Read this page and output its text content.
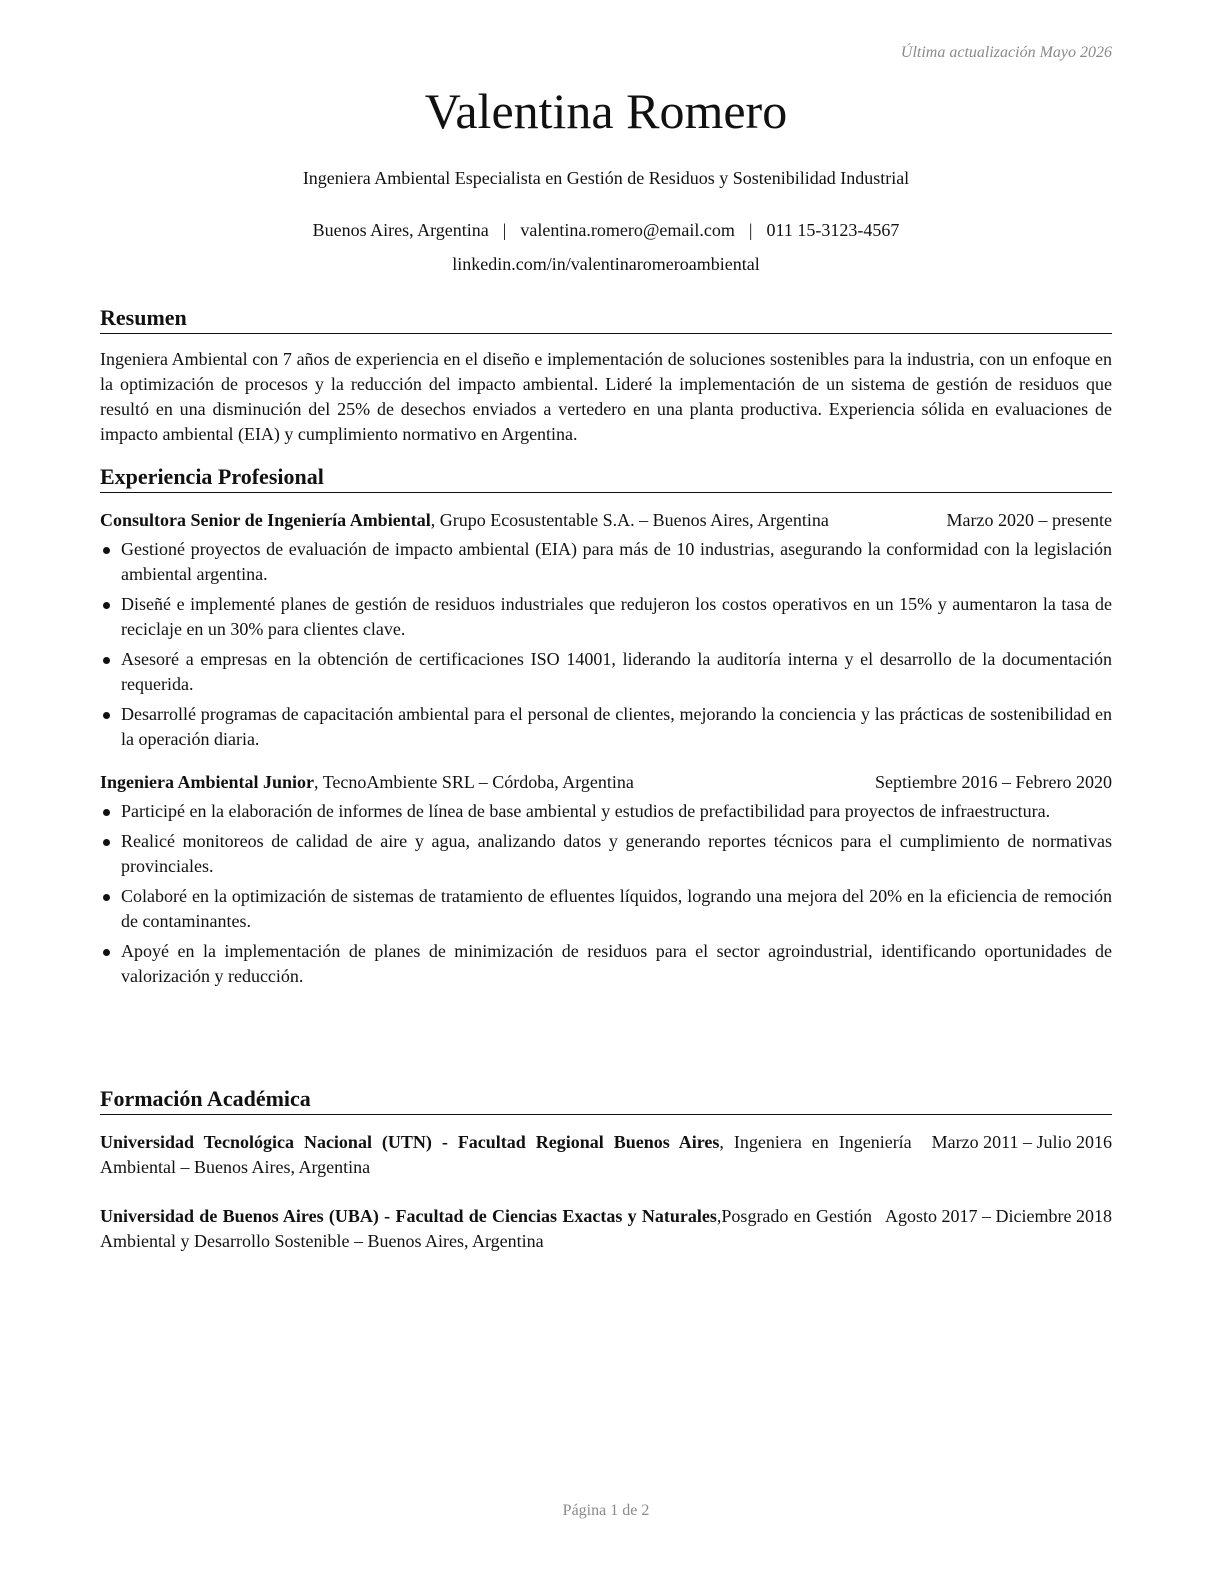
Última actualización Mayo 2026
Valentina Romero
Ingeniera Ambiental Especialista en Gestión de Residuos y Sostenibilidad Industrial
Buenos Aires, Argentina | valentina.romero@email.com | 011 15-3123-4567
linkedin.com/in/valentinaromeroambiental
Resumen
Ingeniera Ambiental con 7 años de experiencia en el diseño e implementación de soluciones sostenibles para la industria, con un enfoque en la optimización de procesos y la reducción del impacto ambiental. Lideré la implementación de un sistema de gestión de residuos que resultó en una disminución del 25% de desechos enviados a vertedero en una planta productiva. Experiencia sólida en evaluaciones de impacto ambiental (EIA) y cumplimiento normativo en Argentina.
Experiencia Profesional
Consultora Senior de Ingeniería Ambiental, Grupo Ecosustentable S.A. – Buenos Aires, Argentina	Marzo 2020 – presente
Gestioné proyectos de evaluación de impacto ambiental (EIA) para más de 10 industrias, asegurando la conformidad con la legislación ambiental argentina.
Diseñé e implementé planes de gestión de residuos industriales que redujeron los costos operativos en un 15% y aumentaron la tasa de reciclaje en un 30% para clientes clave.
Asesoré a empresas en la obtención de certificaciones ISO 14001, liderando la auditoría interna y el desarrollo de la documentación requerida.
Desarrollé programas de capacitación ambiental para el personal de clientes, mejorando la conciencia y las prácticas de sostenibilidad en la operación diaria.
Ingeniera Ambiental Junior, TecnoAmbiente SRL – Córdoba, Argentina	Septiembre 2016 – Febrero 2020
Participé en la elaboración de informes de línea de base ambiental y estudios de prefactibilidad para proyectos de infraestructura.
Realicé monitoreos de calidad de aire y agua, analizando datos y generando reportes técnicos para el cumplimiento de normativas provinciales.
Colaboré en la optimización de sistemas de tratamiento de efluentes líquidos, logrando una mejora del 20% en la eficiencia de remoción de contaminantes.
Apoyé en la implementación de planes de minimización de residuos para el sector agroindustrial, identificando oportunidades de valorización y reducción.
Formación Académica
Universidad Tecnológica Nacional (UTN) - Facultad Regional Buenos Aires, Ingeniera en Ingeniería Ambiental – Buenos Aires, Argentina
Marzo 2011 – Julio 2016
Universidad de Buenos Aires (UBA) - Facultad de Ciencias Exactas y Naturales,Posgrado en Gestión Ambiental y Desarrollo Sostenible – Buenos Aires, Argentina
Agosto 2017 – Diciembre 2018
Página 1 de 2
